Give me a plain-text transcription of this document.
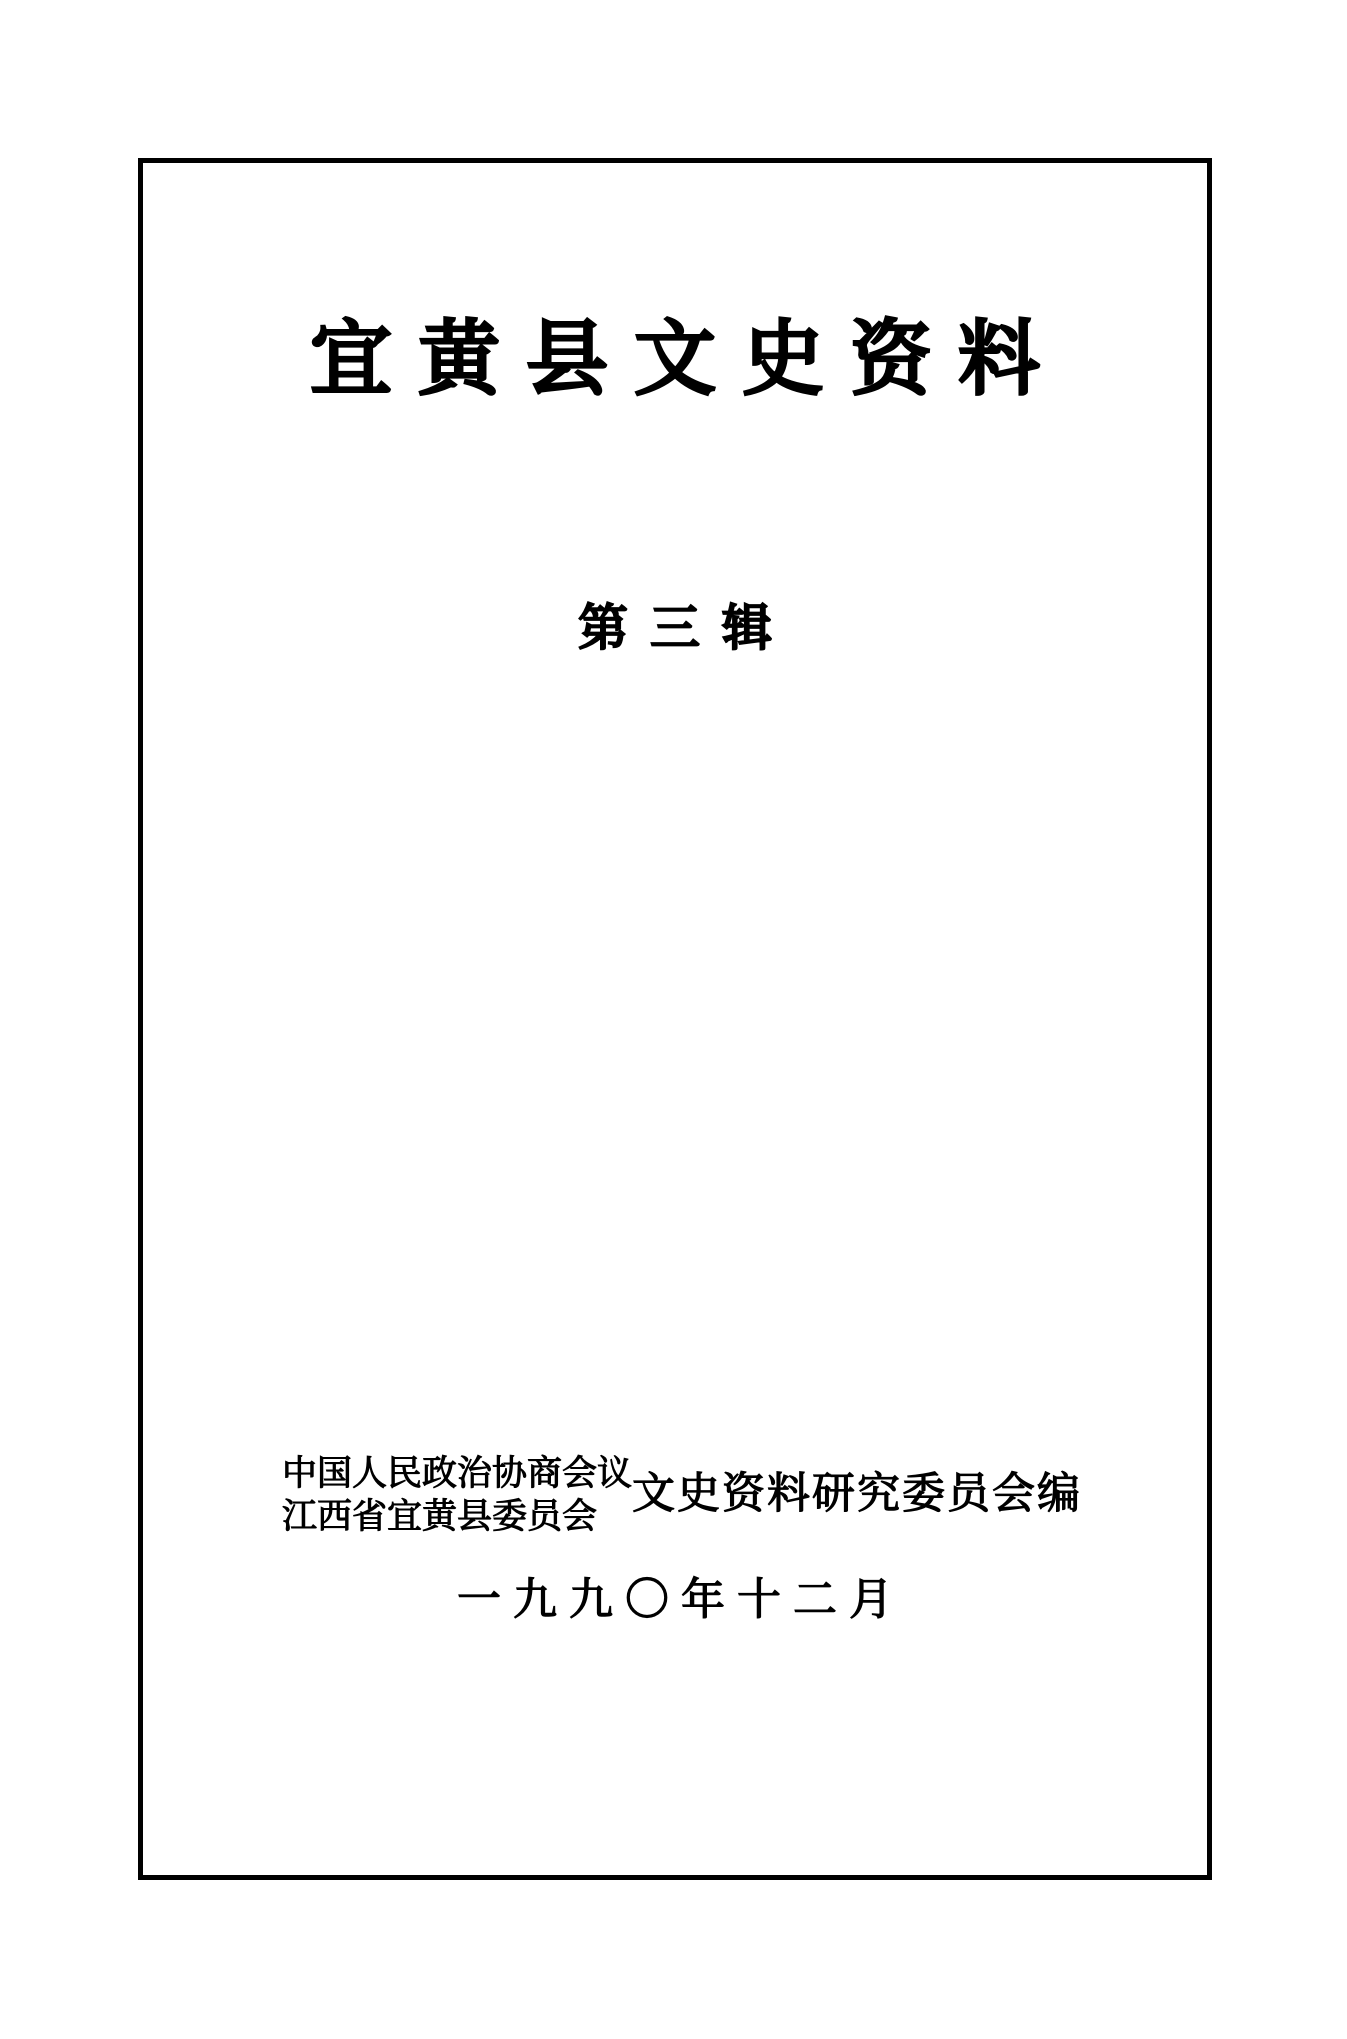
宜黄县文史资料
第三辑
中国人民政治协商会议
江西省宜黄县委员会 文史资料研究委员会编
一九九〇年十二月
